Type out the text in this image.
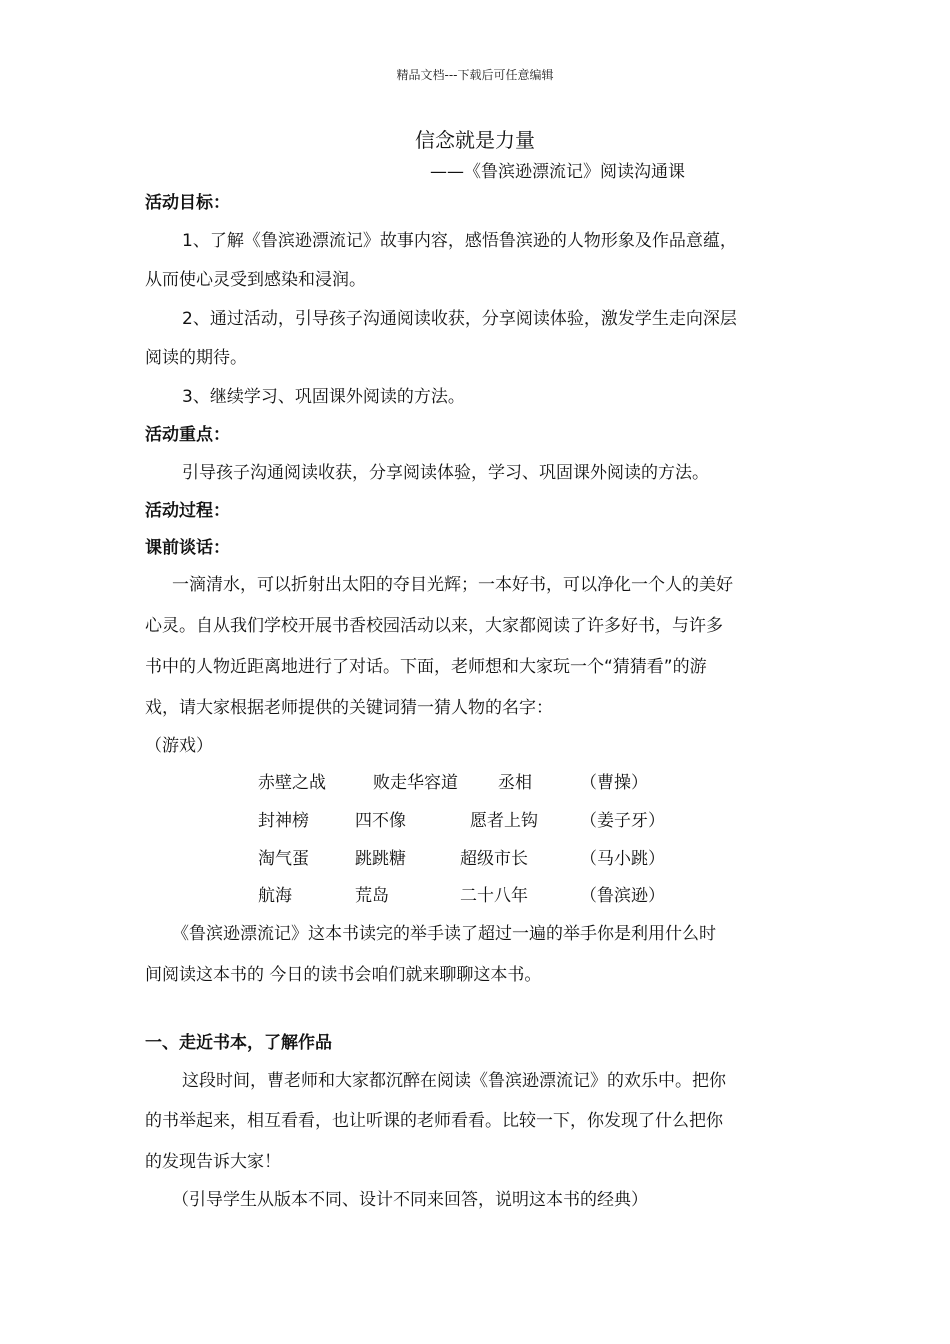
精品文档---下载后可任意编辑
信念就是力量
——《鲁滨逊漂流记》阅读沟通课
活动目标：
1、了解《鲁滨逊漂流记》故事内容，感悟鲁滨逊的人物形象及作品意蕴，
从而使心灵受到感染和浸润。
2、通过活动，引导孩子沟通阅读收获，分享阅读体验，激发学生走向深层
阅读的期待。
3、继续学习、巩固课外阅读的方法。
活动重点：
引导孩子沟通阅读收获，分享阅读体验，学习、巩固课外阅读的方法。
活动过程：
课前谈话：
一滴清水，可以折射出太阳的夺目光辉；一本好书，可以净化一个人的美好
心灵。自从我们学校开展书香校园活动以来，大家都阅读了许多好书，与许多
书中的人物近距离地进行了对话。下面，老师想和大家玩一个“猜猜看”的游
戏，请大家根据老师提供的关键词猜一猜人物的名字：
（游戏）
赤壁之战	败走华容道 丞相	（曹操）
封神榜	四不像	愿者上钩 （姜子牙）
淘气蛋	跳跳糖	超级市长	（马小跳）
航海	荒岛	二十八年	（鲁滨逊）
《鲁滨逊漂流记》这本书读完的举手读了超过一遍的举手你是利用什么时
间阅读这本书的 今日的读书会咱们就来聊聊这本书。
一、走近书本，了解作品
这段时间，曹老师和大家都沉醉在阅读《鲁滨逊漂流记》的欢乐中。把你
的书举起来，相互看看，也让听课的老师看看。比较一下，你发现了什么把你
的发现告诉大家！
（引导学生从版本不同、设计不同来回答，说明这本书的经典）
